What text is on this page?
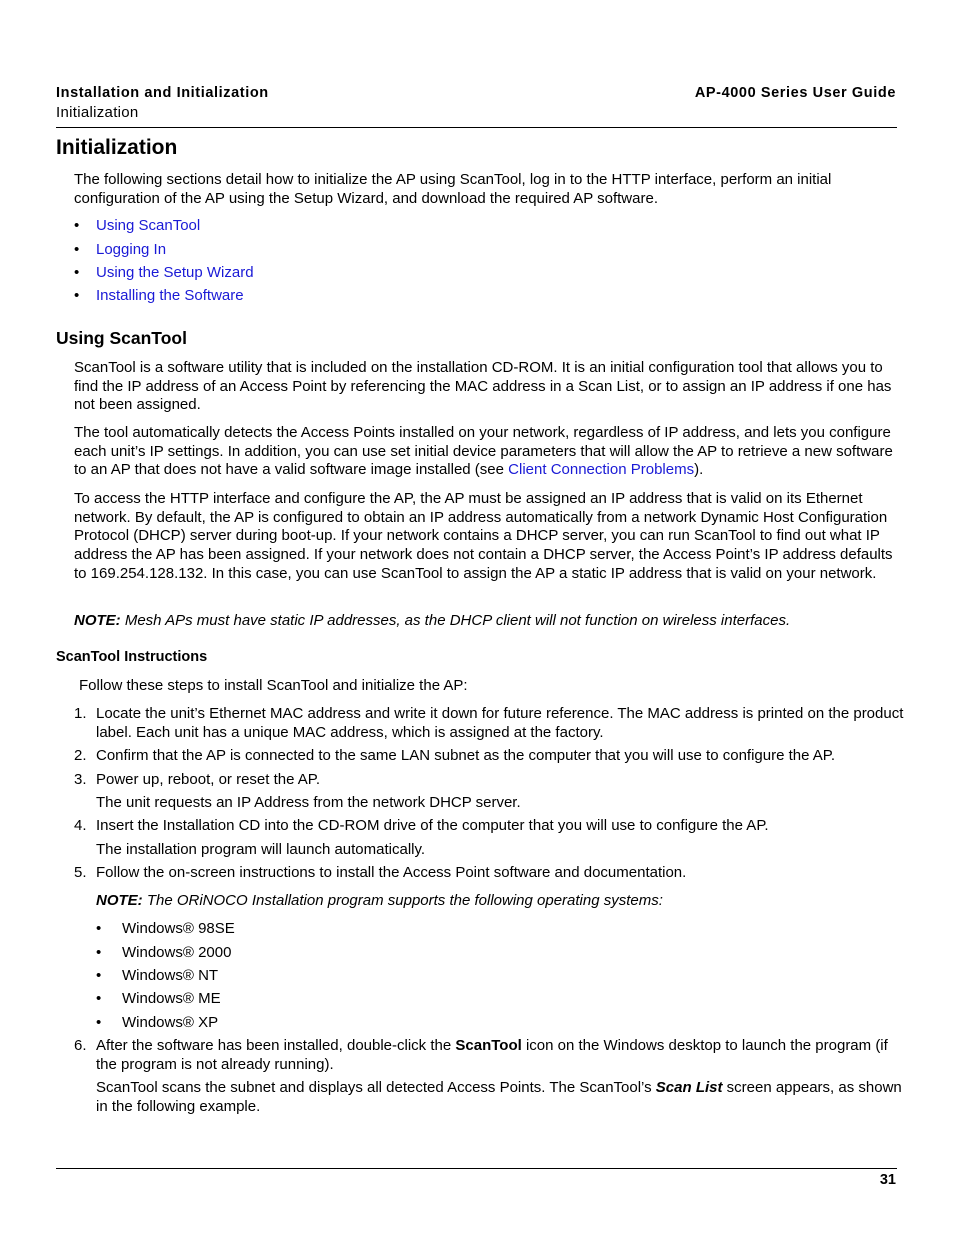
Installation and Initialization
Initialization
AP-4000 Series User Guide
Initialization

The following sections detail how to initialize the AP using ScanTool, log in to the HTTP interface, perform an initial configuration of the AP using the Setup Wizard, and download the required AP software.

• Using ScanTool
• Logging In
• Using the Setup Wizard
• Installing the Software
Using ScanTool

ScanTool is a software utility that is included on the installation CD-ROM. It is an initial configuration tool that allows you to find the IP address of an Access Point by referencing the MAC address in a Scan List, or to assign an IP address if one has not been assigned.

The tool automatically detects the Access Points installed on your network, regardless of IP address, and lets you configure each unit’s IP settings. In addition, you can use set initial device parameters that will allow the AP to retrieve a new software to an AP that does not have a valid software image installed (see Client Connection Problems).

To access the HTTP interface and configure the AP, the AP must be assigned an IP address that is valid on its Ethernet network. By default, the AP is configured to obtain an IP address automatically from a network Dynamic Host Configuration Protocol (DHCP) server during boot-up. If your network contains a DHCP server, you can run ScanTool to find out what IP address the AP has been assigned. If your network does not contain a DHCP server, the Access Point’s IP address defaults to 169.254.128.132. In this case, you can use ScanTool to assign the AP a static IP address that is valid on your network.

NOTE: Mesh APs must have static IP addresses, as the DHCP client will not function on wireless interfaces.

ScanTool Instructions

Follow these steps to install ScanTool and initialize the AP:

1. Locate the unit’s Ethernet MAC address and write it down for future reference. The MAC address is printed on the product label. Each unit has a unique MAC address, which is assigned at the factory.

2. Confirm that the AP is connected to the same LAN subnet as the computer that you will use to configure the AP.

3. Power up, reboot, or reset the AP.

The unit requests an IP Address from the network DHCP server.

4. Insert the Installation CD into the CD-ROM drive of the computer that you will use to configure the AP.

The installation program will launch automatically.

5. Follow the on-screen instructions to install the Access Point software and documentation.

NOTE: The ORiNOCO Installation program supports the following operating systems:

• Windows® 98SE
• Windows® 2000
• Windows® NT
• Windows® ME
• Windows® XP
6. After the software has been installed, double-click the ScanTool icon on the Windows desktop to launch the program (if the program is not already running).

ScanTool scans the subnet and displays all detected Access Points. The ScanTool’s Scan List screen appears, as shown in the following example.

31
